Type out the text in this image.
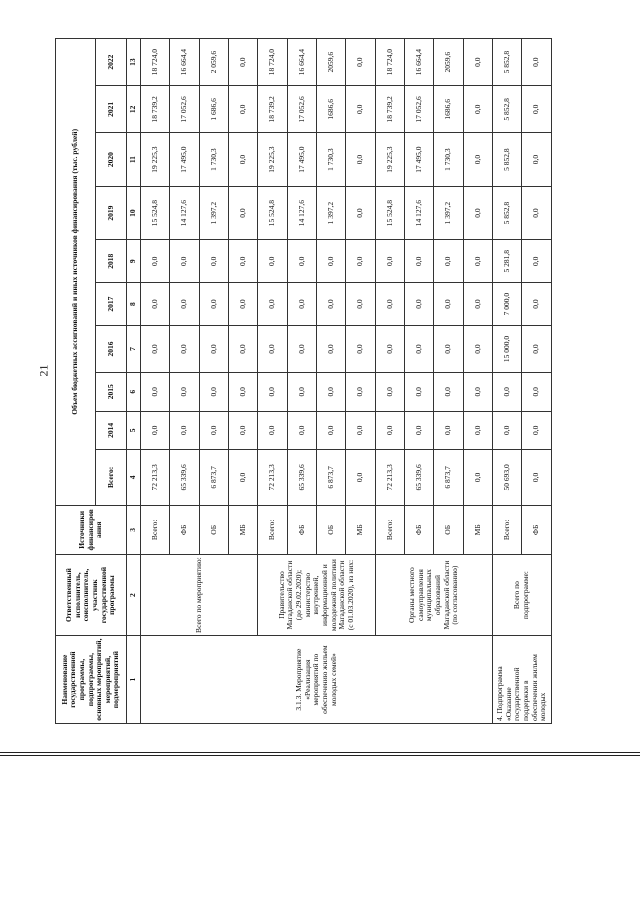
21
Наименование государственной программы, подпрограммы, основных мероприятий, мероприятий, подмероприятий	Ответственный исполнитель, соисполнитель, участник государственной программы	Источники финансирования	Объем бюджетных ассигнований и иных источников финансирования (тыс. рублей)									
			Всего:	2014	2015	2016	2017	2018	2019	2020	2021	2022
1	2	3	4	5	6	7	8	9	10	11	12	13
3.1.3. Мероприятие «Реализация мероприятий по обеспечению жильем молодых семей»	Всего по мероприятию:	Всего:	72 213,3	0,0	0,0	0,0	0,0	0,0	15 524,8	19 225,3	18 739,2	18 724,0
		ФБ	65 339,6	0,0	0,0	0,0	0,0	0,0	14 127,6	17 495,0	17 052,6	16 664,4
		ОБ	6 873,7	0,0	0,0	0,0	0,0	0,0	1 397,2	1 730,3	1 686,6	2 059,6
		МБ	0,0	0,0	0,0	0,0	0,0	0,0	0,0	0,0	0,0	0,0
	Правительство Магаданской области (до 29.02.2020); министерство внутренней, информационной и молодежной политики Магаданской области (с 01.03.2020), из них:	Всего:	72 213,3	0,0	0,0	0,0	0,0	0,0	15 524,8	19 225,3	18 739,2	18 724,0
		ФБ	65 339,6	0,0	0,0	0,0	0,0	0,0	14 127,6	17 495,0	17 052,6	16 664,4
		ОБ	6 873,7	0,0	0,0	0,0	0,0	0,0	1 397,2	1 730,3	1686,6	2059,6
		МБ	0,0	0,0	0,0	0,0	0,0	0,0	0,0	0,0	0,0	0,0
	Органы местного самоуправления муниципальных образований Магаданской области (по согласованию)	Всего:	72 213,3	0,0	0,0	0,0	0,0	0,0	15 524,8	19 225,3	18 739,2	18 724,0
		ФБ	65 339,6	0,0	0,0	0,0	0,0	0,0	14 127,6	17 495,0	17 052,6	16 664,4
		ОБ	6 873,7	0,0	0,0	0,0	0,0	0,0	1 397,2	1 730,3	1686,6	2059,6
		МБ	0,0	0,0	0,0	0,0	0,0	0,0	0,0	0,0	0,0	0,0
4. Подпрограмма «Оказание государственной поддержки в обеспечении жильем молодых	Всего по подпрограмме:	Всего:	50 693,0	0,0	0,0	15 000,0	7 000,0	5 281,8	5 852,8	5 852,8	5 852,8	5 852,8
		ФБ	0,0	0,0	0,0	0,0	0,0	0,0	0,0	0,0	0,0	0,0
